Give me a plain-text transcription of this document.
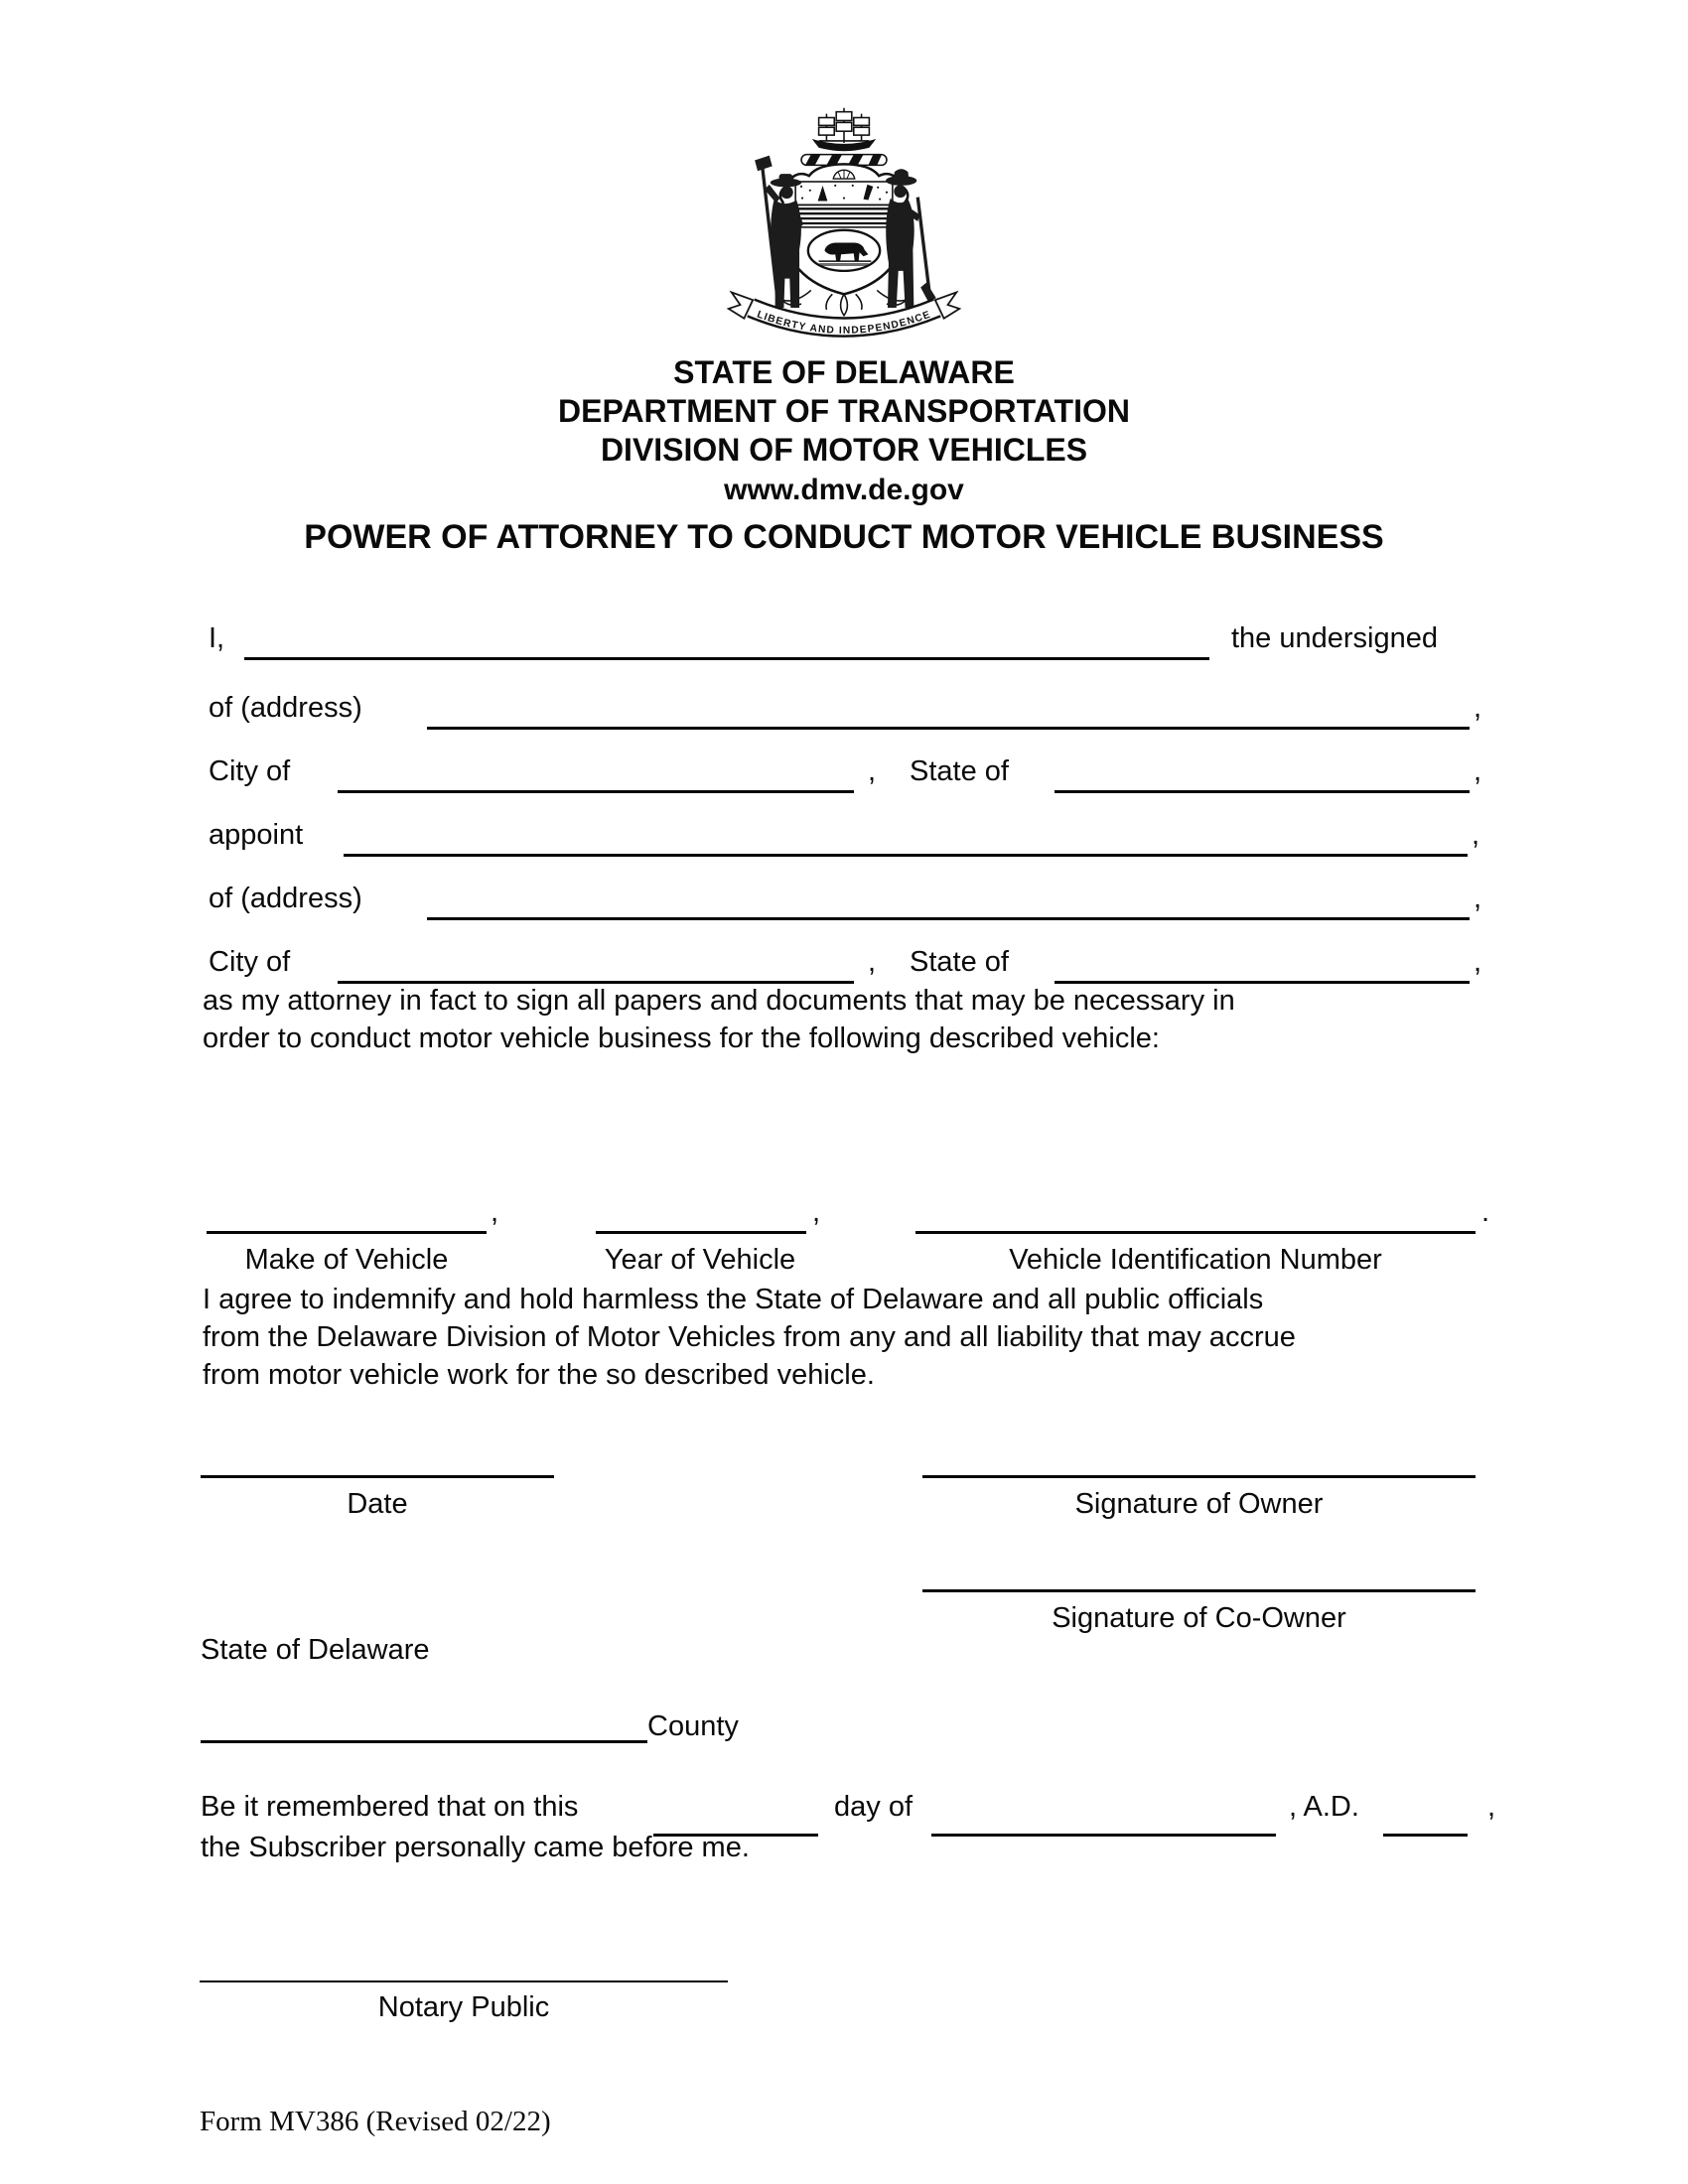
LIBERTY AND INDEPENDENCE
STATE OF DELAWARE
DEPARTMENT OF TRANSPORTATION
DIVISION OF MOTOR VEHICLES
www.dmv.de.gov
POWER OF ATTORNEY TO CONDUCT MOTOR VEHICLE BUSINESS
I,	the undersigned
of (address)	,
City of	, State of	,
appoint	,
of (address)	,
City of	, State of	,
as my attorney in fact to sign all papers and documents that may be necessary in
order to conduct motor vehicle business for the following described vehicle:
,	,	.
Make of Vehicle	Year of Vehicle	Vehicle Identification Number
I agree to indemnify and hold harmless the State of Delaware and all public officials
from the Delaware Division of Motor Vehicles from any and all liability that may accrue
from motor vehicle work for the so described vehicle.
Date	Signature of Owner
Signature of Co-Owner
State of Delaware
County
Be it remembered that on this	day of	, A.D.	,
the Subscriber personally came before me.
Notary Public
Form MV386 (Revised 02/22)
